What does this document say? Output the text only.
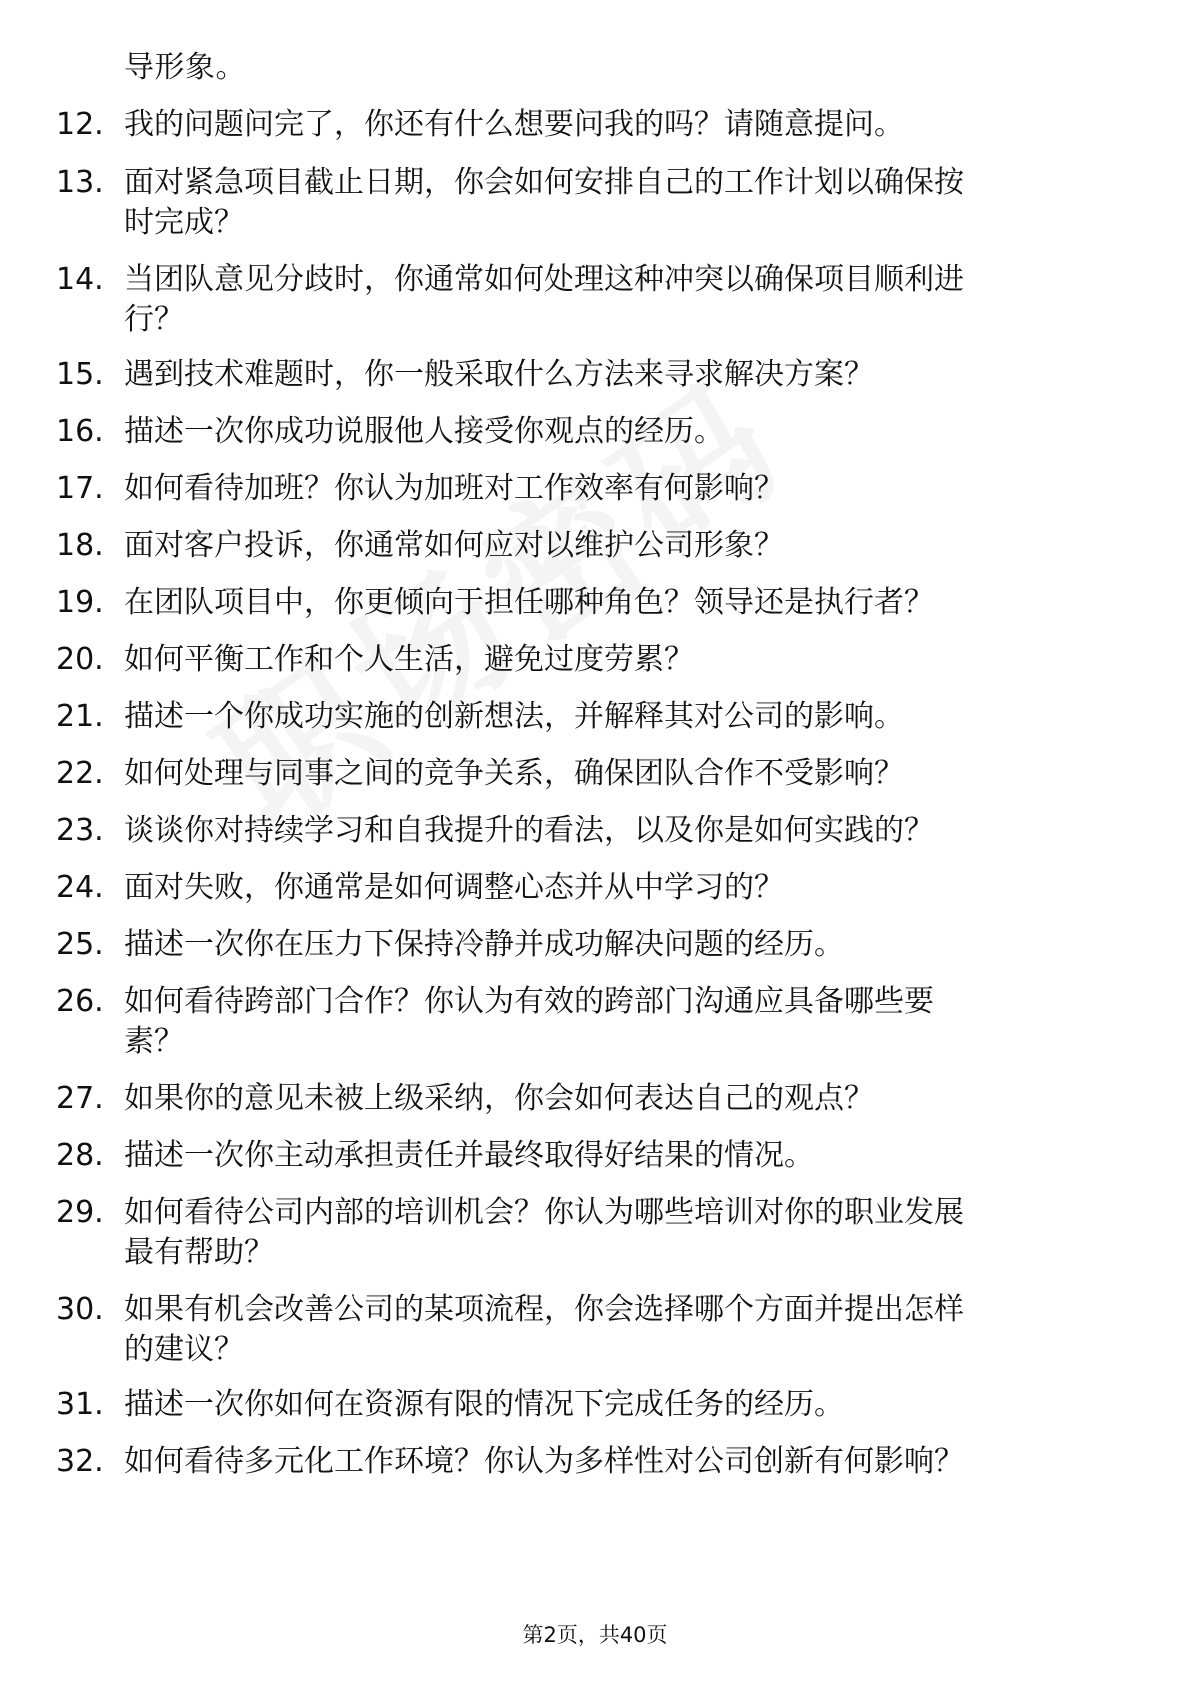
导形象。
12. 我的问题问完了，你还有什么想要问我的吗？请随意提问。
13. 面对紧急项目截止日期，你会如何安排自己的工作计划以确保按
时完成？
14. 当团队意见分歧时，你通常如何处理这种冲突以确保项目顺利进
行？
15. 遇到技术难题时，你一般采取什么方法来寻求解决方案？
16. 描述一次你成功说服他人接受你观点的经历。
17. 如何看待加班？你认为加班对工作效率有何影响？
18. 面对客户投诉，你通常如何应对以维护公司形象？
19. 在团队项目中，你更倾向于担任哪种角色？领导还是执行者？
20. 如何平衡工作和个人生活，避免过度劳累？
21. 描述一个你成功实施的创新想法，并解释其对公司的影响。
22. 如何处理与同事之间的竞争关系，确保团队合作不受影响？
23. 谈谈你对持续学习和自我提升的看法，以及你是如何实践的？
24. 面对失败，你通常是如何调整心态并从中学习的？
25. 描述一次你在压力下保持冷静并成功解决问题的经历。
26. 如何看待跨部门合作？你认为有效的跨部门沟通应具备哪些要
素？
27. 如果你的意见未被上级采纳，你会如何表达自己的观点？
28. 描述一次你主动承担责任并最终取得好结果的情况。
29. 如何看待公司内部的培训机会？你认为哪些培训对你的职业发展
最有帮助？
30. 如果有机会改善公司的某项流程，你会选择哪个方面并提出怎样
的建议？
31. 描述一次你如何在资源有限的情况下完成任务的经历。
32. 如何看待多元化工作环境？你认为多样性对公司创新有何影响？
第2页，共40页
